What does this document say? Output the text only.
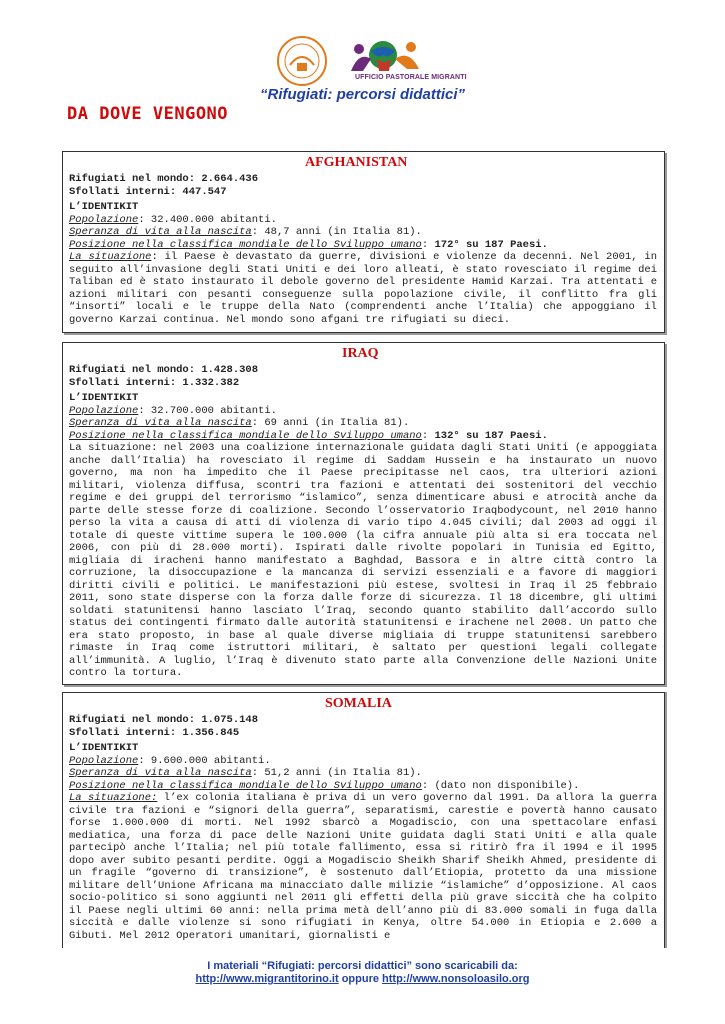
UFFICIO PASTORALE MIGRANTI
“Rifugiati: percorsi didattici”
DA DOVE VENGONO
AFGHANISTAN
Rifugiati nel mondo: 2.664.436
Sfollati interni: 447.547
L’IDENTIKIT
Popolazione: 32.400.000 abitanti.
Speranza di vita alla nascita: 48,7 anni (in Italia 81).
Posizione nella classifica mondiale dello Sviluppo umano: 172° su 187 Paesi.
La situazione: il Paese è devastato da guerre, divisioni e violenze da decenni. Nel 2001, in seguito all’invasione degli Stati Uniti e dei loro alleati, è stato rovesciato il regime dei Taliban ed è stato instaurato il debole governo del presidente Hamid Karzai. Tra attentati e azioni militari con pesanti conseguenze sulla popolazione civile, il conflitto fra gli “insorti” locali e le truppe della Nato (comprendenti anche l’Italia) che appoggiano il governo Karzai continua. Nel mondo sono afgani tre rifugiati su dieci.
IRAQ
Rifugiati nel mondo: 1.428.308
Sfollati interni: 1.332.382
L’IDENTIKIT
Popolazione: 32.700.000 abitanti.
Speranza di vita alla nascita: 69 anni (in Italia 81).
Posizione nella classifica mondiale dello Sviluppo umano: 132° su 187 Paesi.
La situazione: nel 2003 una coalizione internazionale guidata dagli Stati Uniti (e appoggiata anche dall’Italia) ha rovesciato il regime di Saddam Hussein e ha instaurato un nuovo governo, ma non ha impedito che il Paese precipitasse nel caos, tra ulteriori azioni militari, violenza diffusa, scontri tra fazioni e attentati dei sostenitori del vecchio regime e dei gruppi del terrorismo “islamico”, senza dimenticare abusi e atrocità anche da parte delle stesse forze di coalizione. Secondo l’osservatorio Iraqbodycount, nel 2010 hanno perso la vita a causa di atti di violenza di vario tipo 4.045 civili; dal 2003 ad oggi il totale di queste vittime supera le 100.000 (la cifra annuale più alta si era toccata nel 2006, con più di 28.000 morti). Ispirati dalle rivolte popolari in Tunisia ed Egitto, migliaia di iracheni hanno manifestato a Baghdad, Bassora e in altre città contro la corruzione, la disoccupazione e la mancanza di servizi essenziali e a favore di maggiori diritti civili e politici. Le manifestazioni più estese, svoltesi in Iraq il 25 febbraio 2011, sono state disperse con la forza dalle forze di sicurezza. Il 18 dicembre, gli ultimi soldati statunitensi hanno lasciato l’Iraq, secondo quanto stabilito dall’accordo sullo status dei contingenti firmato dalle autorità statunitensi e irachene nel 2008. Un patto che era stato proposto, in base al quale diverse migliaia di truppe statunitensi sarebbero rimaste in Iraq come istruttori militari, è saltato per questioni legali collegate all’immunità. A luglio, l’Iraq è divenuto stato parte alla Convenzione delle Nazioni Unite contro la tortura.
SOMALIA
Rifugiati nel mondo: 1.075.148
Sfollati interni: 1.356.845
L’IDENTIKIT
Popolazione: 9.600.000 abitanti.
Speranza di vita alla nascita: 51,2 anni (in Italia 81).
Posizione nella classifica mondiale dello Sviluppo umano: (dato non disponibile).
La situazione: l’ex colonia italiana è priva di un vero governo dal 1991. Da allora la guerra civile tra fazioni e “signori della guerra”, separatismi, carestie e povertà hanno causato forse 1.000.000 di morti. Nel 1992 sbarcò a Mogadiscio, con una spettacolare enfasi mediatica, una forza di pace delle Nazioni Unite guidata dagli Stati Uniti e alla quale partecipò anche l’Italia; nel più totale fallimento, essa si ritirò fra il 1994 e il 1995 dopo aver subito pesanti perdite. Oggi a Mogadiscio Sheikh Sharif Sheikh Ahmed, presidente di un fragile “governo di transizione”, è sostenuto dall’Etiopia, protetto da una missione militare dell’Unione Africana ma minacciato dalle milizie “islamiche” d’opposizione. Al caos socio-politico si sono aggiunti nel 2011 gli effetti della più grave siccità che ha colpito il Paese negli ultimi 60 anni: nella prima metà dell’anno più di 83.000 somali in fuga dalla siccità e dalle violenze si sono rifugiati in Kenya, oltre 54.000 in Etiopia e 2.600 a Gibuti. Mel 2012 Operatori umanitari, giornalisti e
I materiali “Rifugiati: percorsi didattici” sono scaricabili da:
http://www.migrantitorino.it oppure http://www.nonsoloasilo.org
